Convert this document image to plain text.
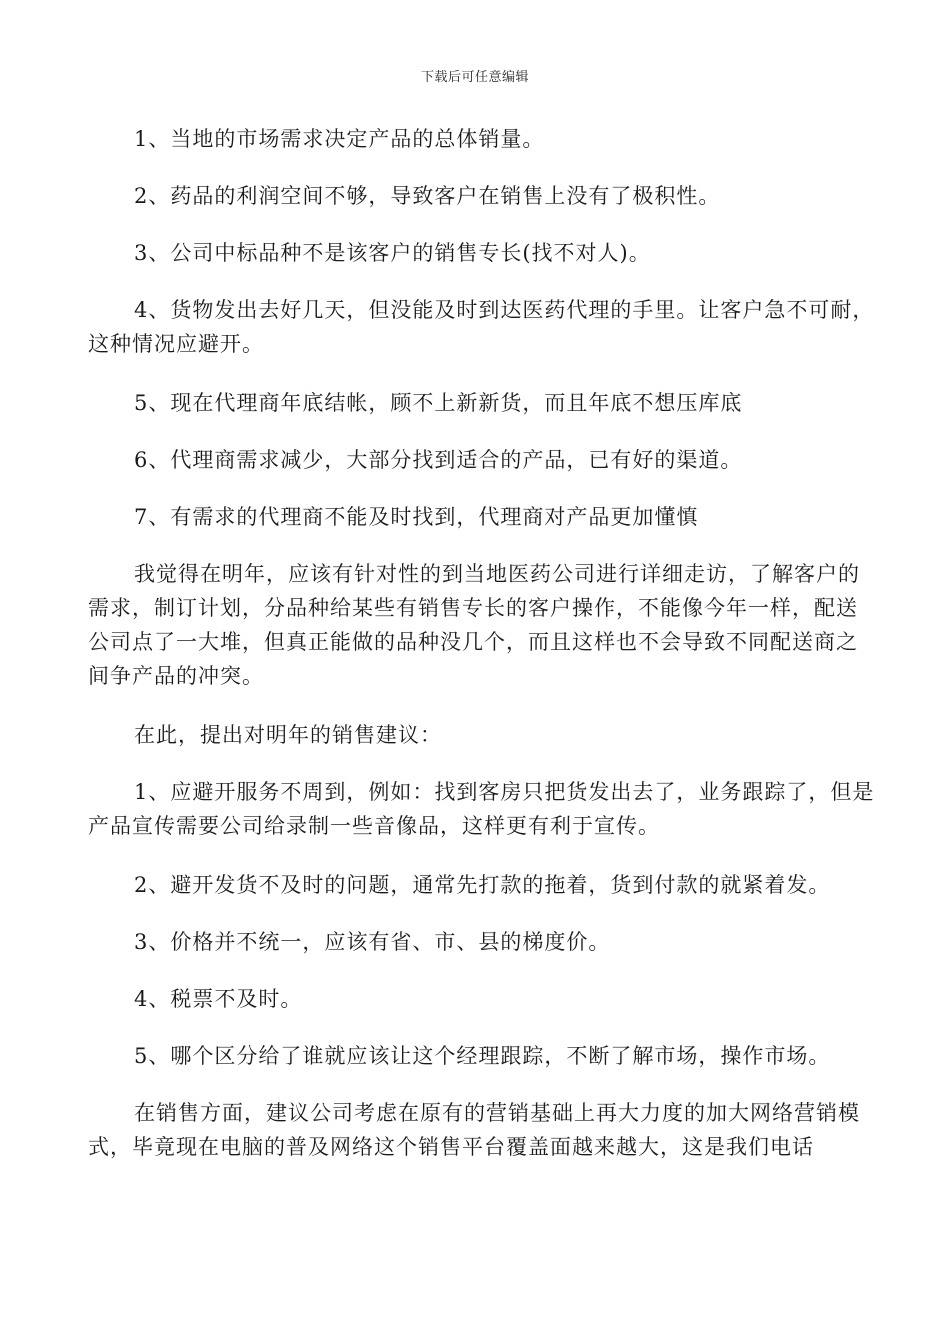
下载后可任意编辑

1、当地的市场需求决定产品的总体销量。

2、药品的利润空间不够，导致客户在销售上没有了极积性。

3、公司中标品种不是该客户的销售专长(找不对人)。

4、货物发出去好几天，但没能及时到达医药代理的手里。让客户急不可耐，这种情况应避开。

5、现在代理商年底结帐，顾不上新新货，而且年底不想压库底

6、代理商需求减少，大部分找到适合的产品，已有好的渠道。

7、有需求的代理商不能及时找到，代理商对产品更加懂慎

我觉得在明年，应该有针对性的到当地医药公司进行详细走访，了解客户的需求，制订计划，分品种给某些有销售专长的客户操作，不能像今年一样，配送公司点了一大堆，但真正能做的品种没几个，而且这样也不会导致不同配送商之间争产品的冲突。

在此，提出对明年的销售建议：

1、应避开服务不周到，例如：找到客房只把货发出去了，业务跟踪了，但是产品宣传需要公司给录制一些音像品，这样更有利于宣传。

2、避开发货不及时的问题，通常先打款的拖着，货到付款的就紧着发。

3、价格并不统一，应该有省、市、县的梯度价。

4、税票不及时。

5、哪个区分给了谁就应该让这个经理跟踪，不断了解市场，操作市场。

在销售方面，建议公司考虑在原有的营销基础上再大力度的加大网络营销模式，毕竟现在电脑的普及网络这个销售平台覆盖面越来越大，这是我们电话
